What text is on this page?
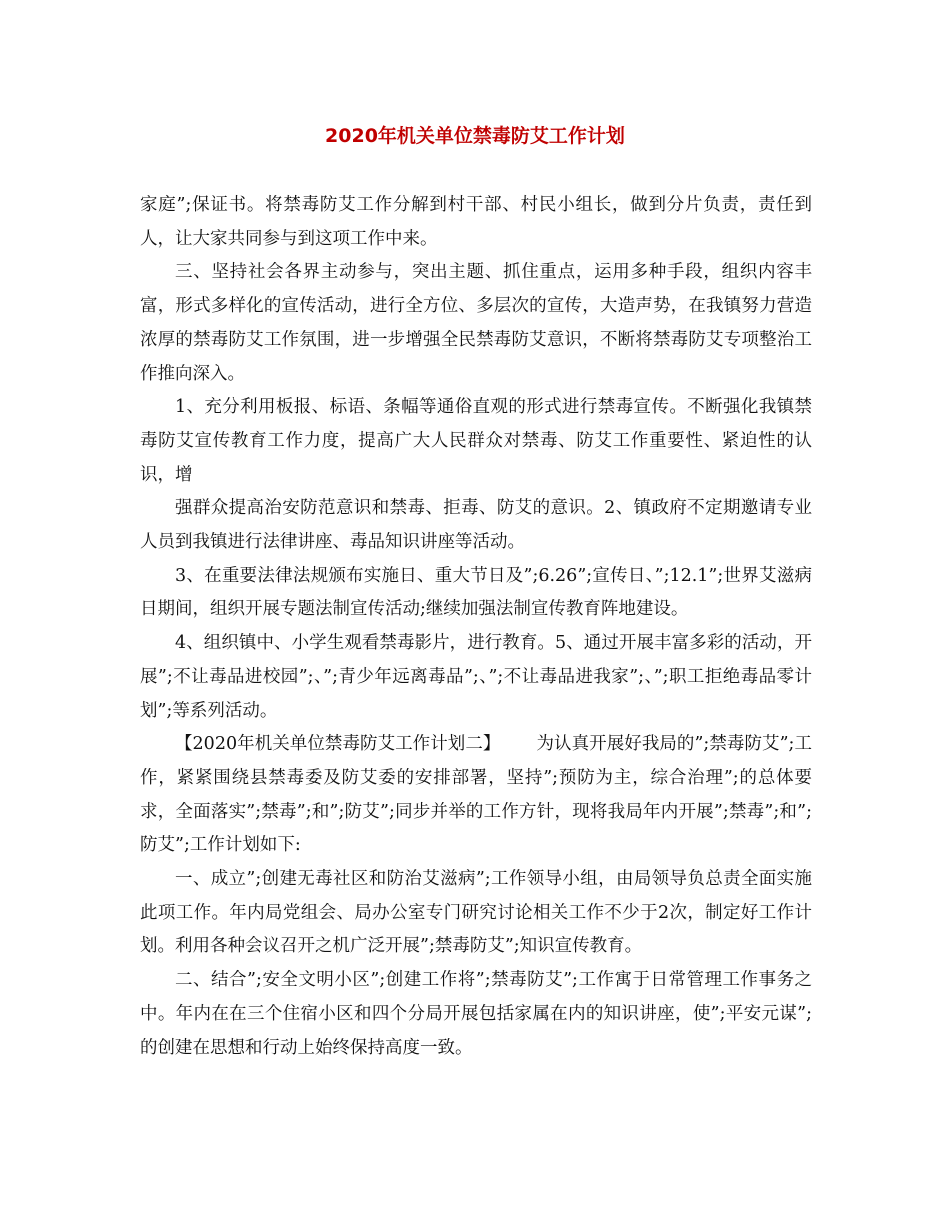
2020年机关单位禁毒防艾工作计划

家庭”;保证书。将禁毒防艾工作分解到村干部、村民小组长，做到分片负责，责任到人，让大家共同参与到这项工作中来。

三、坚持社会各界主动参与，突出主题、抓住重点，运用多种手段，组织内容丰富，形式多样化的宣传活动，进行全方位、多层次的宣传，大造声势，在我镇努力营造浓厚的禁毒防艾工作氛围，进一步增强全民禁毒防艾意识，不断将禁毒防艾专项整治工作推向深入。

1、充分利用板报、标语、条幅等通俗直观的形式进行禁毒宣传。不断强化我镇禁毒防艾宣传教育工作力度，提高广大人民群众对禁毒、防艾工作重要性、紧迫性的认识，增

强群众提高治安防范意识和禁毒、拒毒、防艾的意识。2、镇政府不定期邀请专业人员到我镇进行法律讲座、毒品知识讲座等活动。

3、在重要法律法规颁布实施日、重大节日及”;6.26”;宣传日、”;12.1”;世界艾滋病日期间，组织开展专题法制宣传活动;继续加强法制宣传教育阵地建设。

4、组织镇中、小学生观看禁毒影片，进行教育。5、通过开展丰富多彩的活动，开展”;不让毒品进校园”;、”;青少年远离毒品”;、”;不让毒品进我家”;、”;职工拒绝毒品零计划”;等系列活动。

【2020年机关单位禁毒防艾工作计划二】 为认真开展好我局的”;禁毒防艾”;工作，紧紧围绕县禁毒委及防艾委的安排部署，坚持”;预防为主，综合治理”;的总体要求，全面落实”;禁毒”;和”;防艾”;同步并举的工作方针，现将我局年内开展”;禁毒”;和”;防艾”;工作计划如下:

一、成立”;创建无毒社区和防治艾滋病”;工作领导小组，由局领导负总责全面实施此项工作。年内局党组会、局办公室专门研究讨论相关工作不少于2次，制定好工作计划。利用各种会议召开之机广泛开展”;禁毒防艾”;知识宣传教育。

二、结合”;安全文明小区”;创建工作将”;禁毒防艾”;工作寓于日常管理工作事务之中。年内在在三个住宿小区和四个分局开展包括家属在内的知识讲座，使”;平安元谋”;的创建在思想和行动上始终保持高度一致。
